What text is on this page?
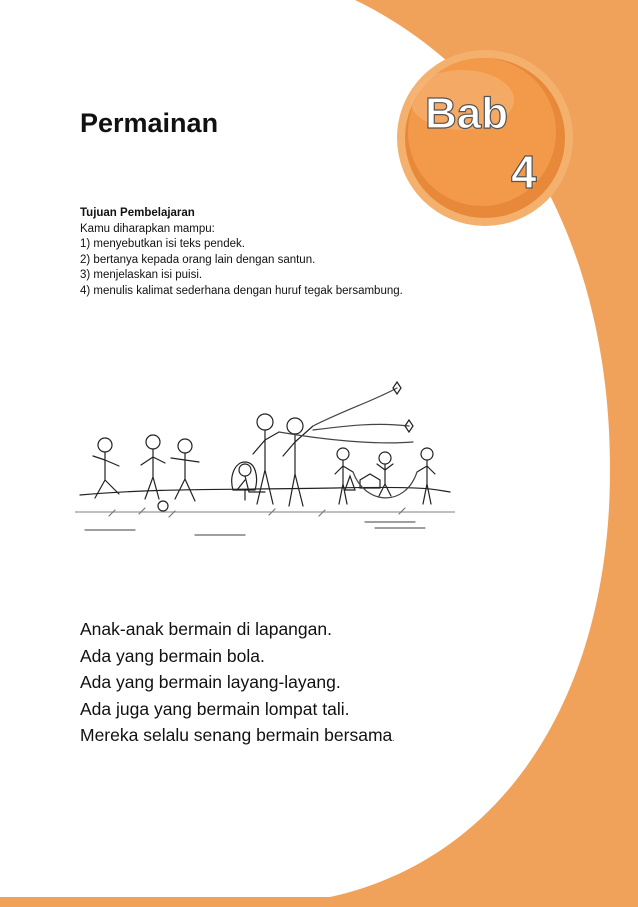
Bab
4
Permainan
Tujuan Pembelajaran
Kamu diharapkan mampu:
1) menyebutkan isi teks pendek.
2) bertanya kepada orang lain dengan santun.
3) menjelaskan isi puisi.
4) menulis kalimat sederhana dengan huruf tegak bersambung.
Anak-anak bermain di lapangan.
Ada yang bermain bola.
Ada yang bermain layang-layang.
Ada juga yang bermain lompat tali.
Mereka selalu senang bermain bersama.
